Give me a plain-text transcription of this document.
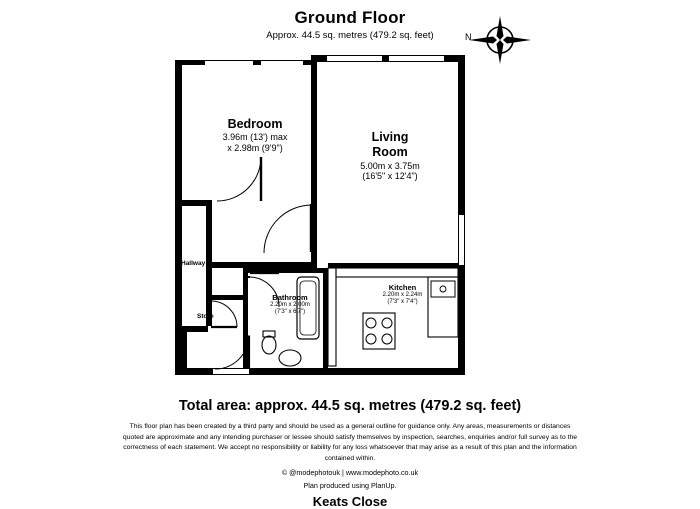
Ground Floor
Approx. 44.5 sq. metres (479.2 sq. feet)	N
Bedroom
3.96m (13') max
x 2.98m (9'9")
Living
Room
5.00m x 3.75m
(16'5" x 12'4")
Hallway
Store
Bathroom
2.20m x 2.00m
(7'3" x 6'7")
Kitchen
2.20m x 2.24m
(7'3" x 7'4")
Total area: approx. 44.5 sq. metres (479.2 sq. feet)
This floor plan has been created by a third party and should be used as a general outline for guidance only. Any areas, measurements or distances quoted are approximate and any intending purchaser or lessee should satisfy themselves by inspection, searches, enquiries and/or full survey as to the correctness of each statement. We accept no responsibility or liability for any loss whatsoever that may arise as a result of this plan and the information contained within.
© @modephotouk | www.modephoto.co.uk
Plan produced using PlanUp.
Keats Close
